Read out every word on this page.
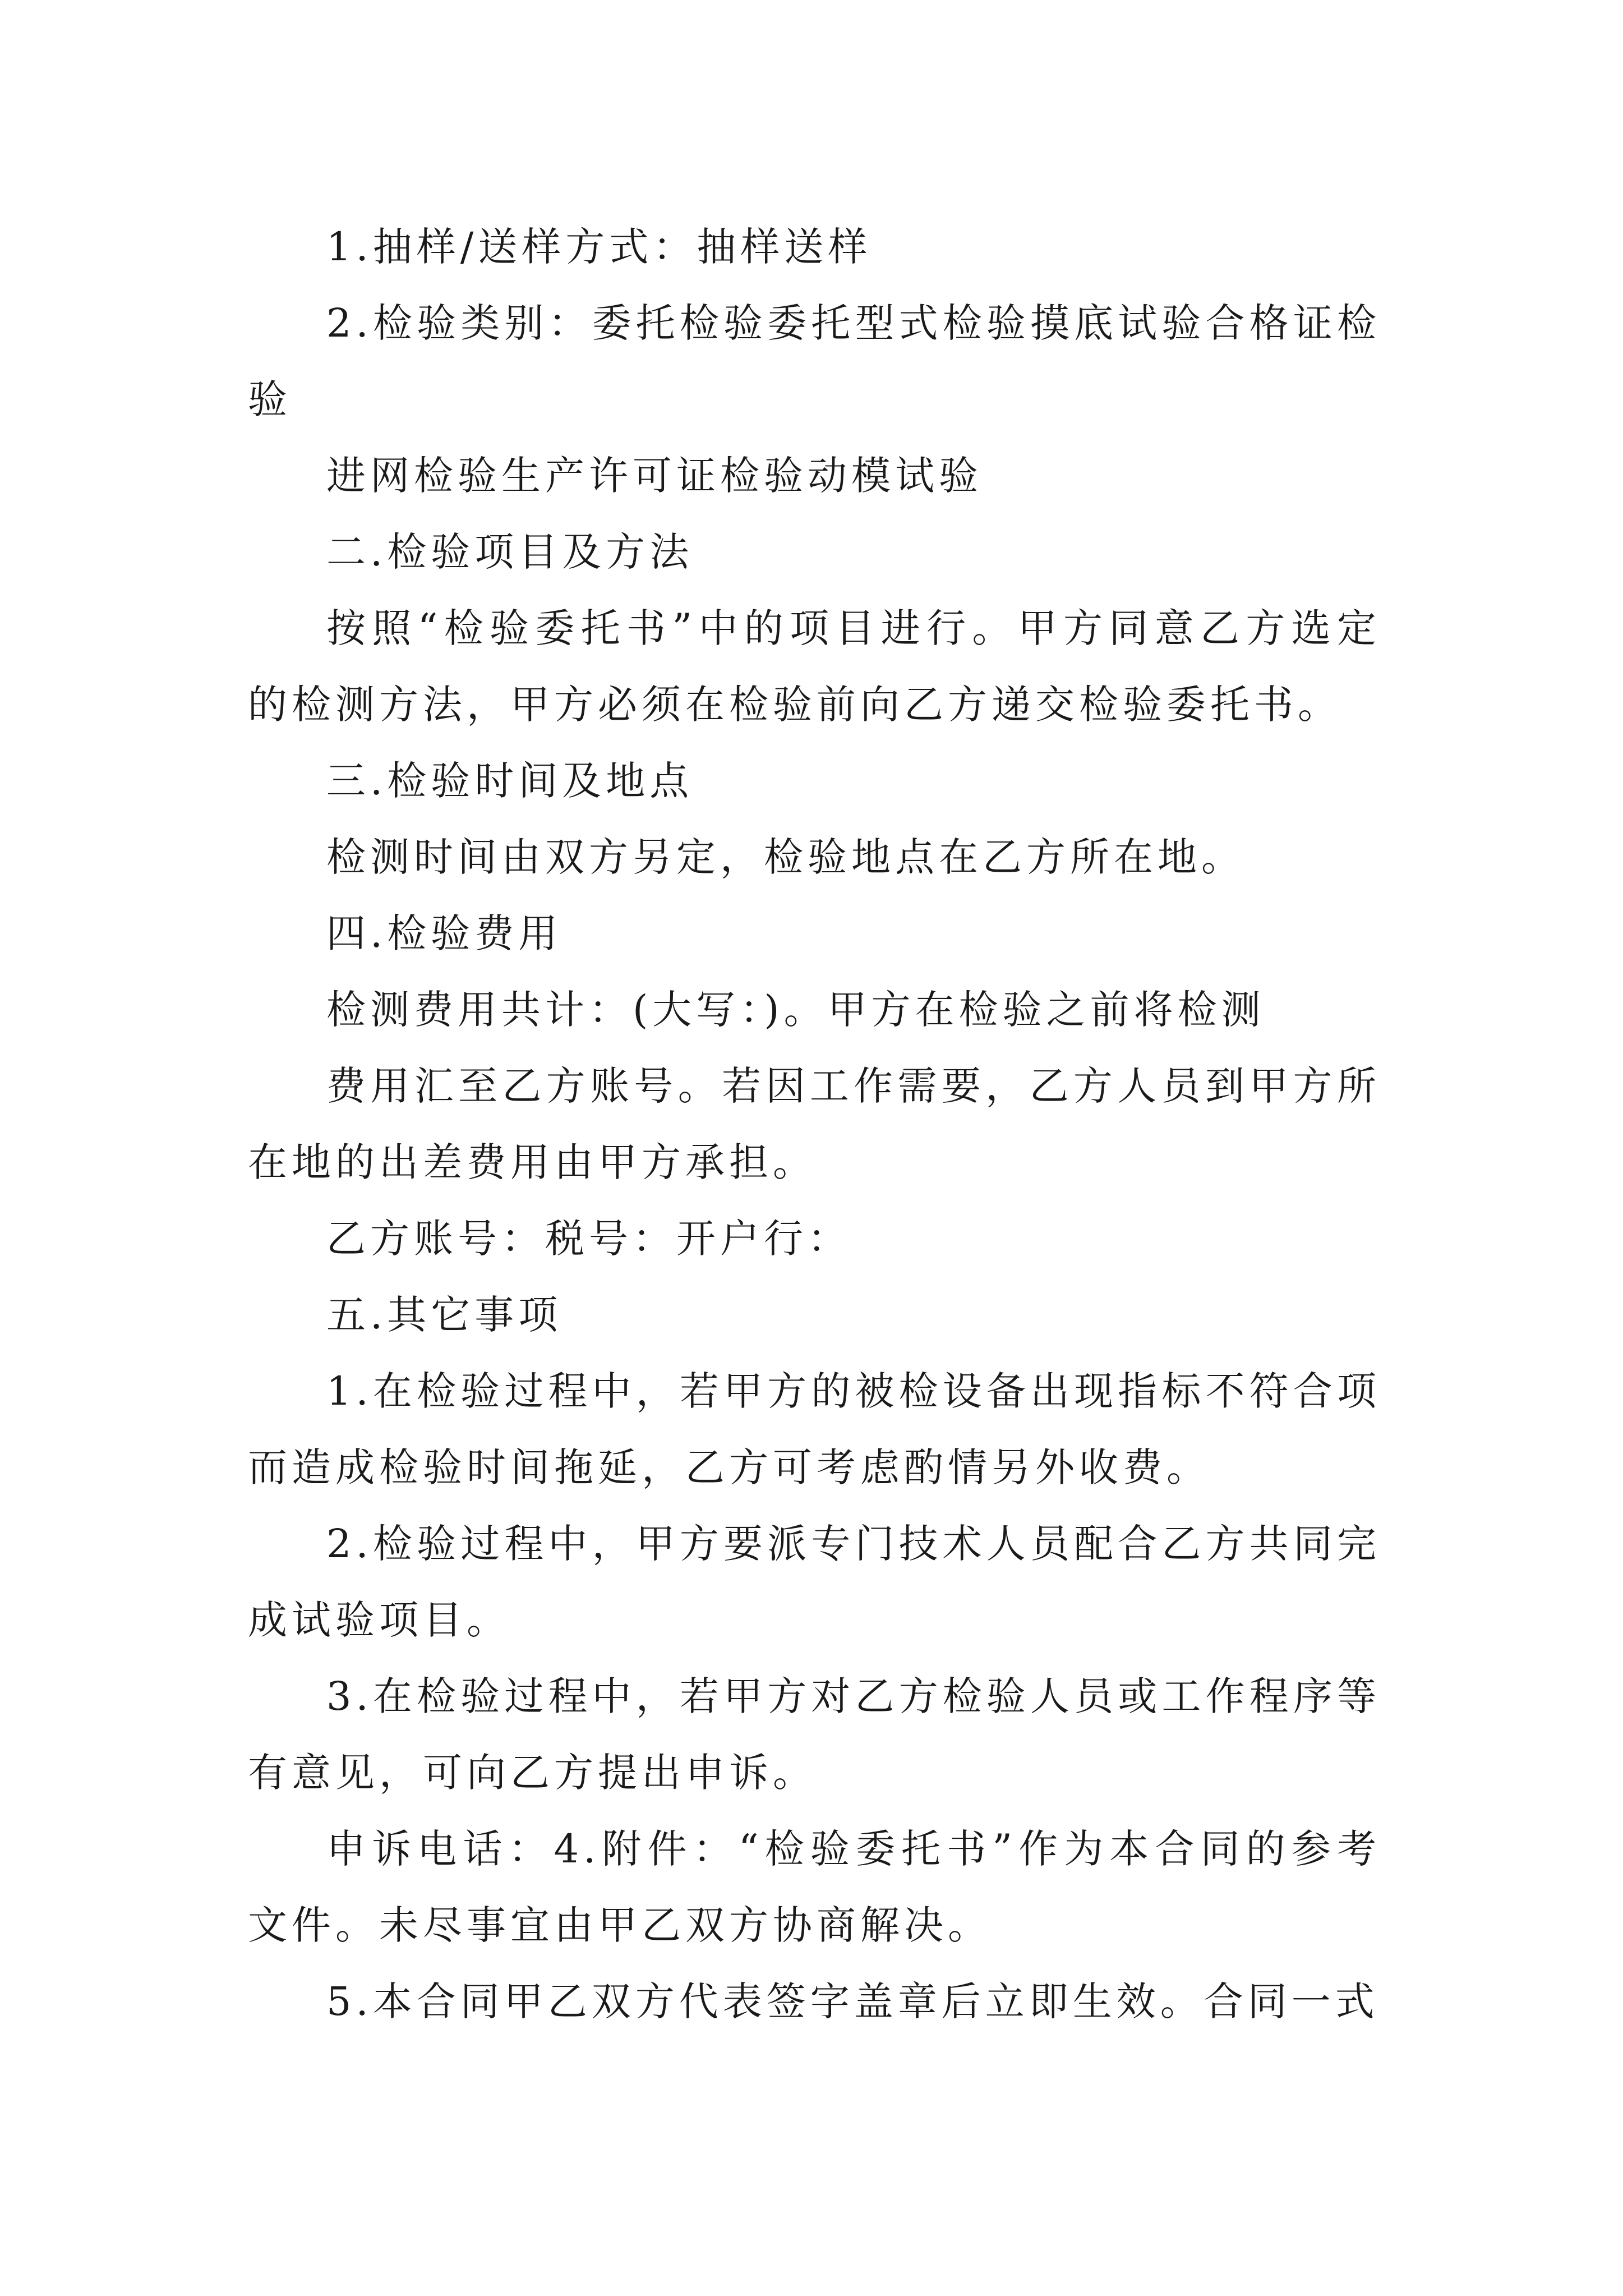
1.抽样/送样方式：抽样送样

2.检验类别：委托检验委托型式检验摸底试验合格证检验

进网检验生产许可证检验动模试验

二.检验项目及方法

按照“检验委托书”中的项目进行。甲方同意乙方选定的检测方法，甲方必须在检验前向乙方递交检验委托书。

三.检验时间及地点

检测时间由双方另定，检验地点在乙方所在地。

四.检验费用

检测费用共计：(大写：)。甲方在检验之前将检测

费用汇至乙方账号。若因工作需要，乙方人员到甲方所在地的出差费用由甲方承担。

乙方账号：税号：开户行：

五.其它事项

1.在检验过程中，若甲方的被检设备出现指标不符合项而造成检验时间拖延，乙方可考虑酌情另外收费。

2.检验过程中，甲方要派专门技术人员配合乙方共同完成试验项目。

3.在检验过程中，若甲方对乙方检验人员或工作程序等有意见，可向乙方提出申诉。

申诉电话：4.附件：“检验委托书”作为本合同的参考文件。未尽事宜由甲乙双方协商解决。

5.本合同甲乙双方代表签字盖章后立即生效。合同一式
